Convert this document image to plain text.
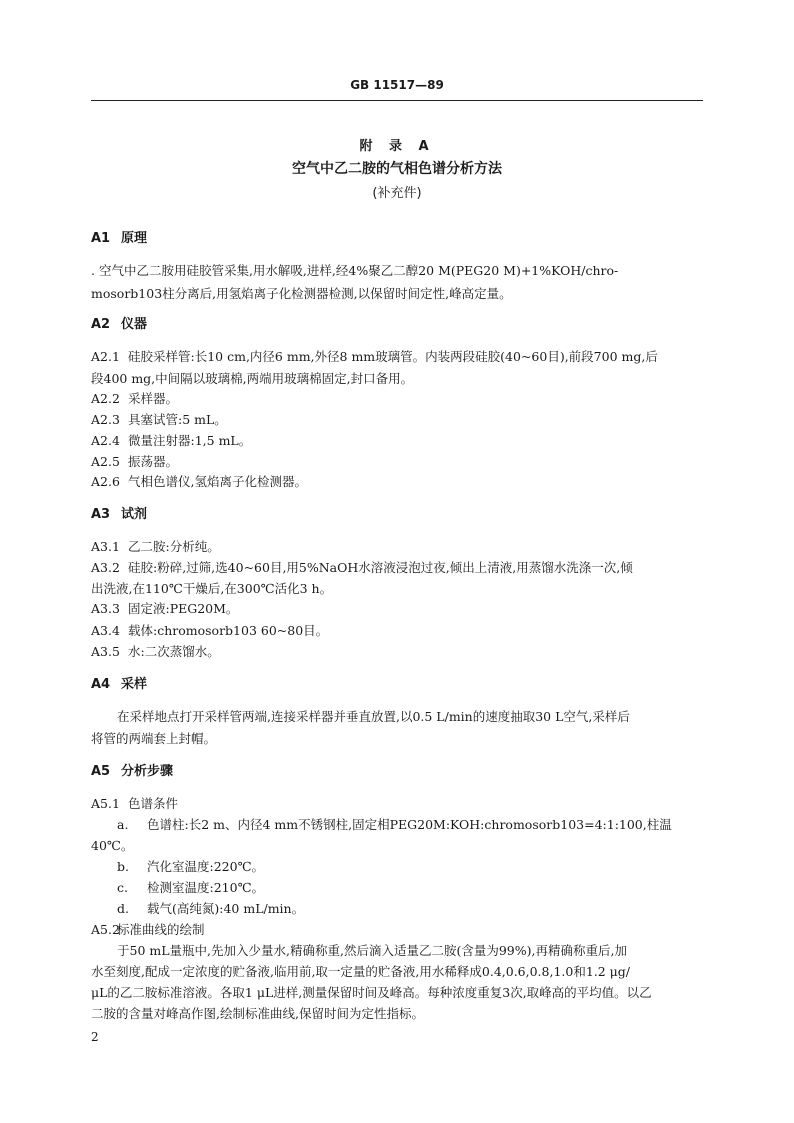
GB 11517—89
附 录 A
空气中乙二胺的气相色谱分析方法
(补充件)
A1 原理
. 空气中乙二胺用硅胶管采集,用水解吸,进样,经4%聚乙二醇20 M(PEG20 M)+1%KOH/chro-
mosorb103柱分离后,用氢焰离子化检测器检测,以保留时间定性,峰高定量。
A2 仪器
A2.1 硅胶采样管:长10 cm,内径6 mm,外径8 mm玻璃管。内装两段硅胶(40~60目),前段700 mg,后
段400 mg,中间隔以玻璃棉,两端用玻璃棉固定,封口备用。
A2.2 采样器。
A2.3 具塞试管:5 mL。
A2.4 微量注射器:1,5 mL。
A2.5 振荡器。
A2.6 气相色谱仪,氢焰离子化检测器。
A3 试剂
A3.1 乙二胺:分析纯。
A3.2 硅胶:粉碎,过筛,选40~60目,用5%NaOH水溶液浸泡过夜,倾出上清液,用蒸馏水洗涤一次,倾
出洗液,在110℃干燥后,在300℃活化3 h。
A3.3 固定液:PEG20M。
A3.4 载体:chromosorb103 60~80目。
A3.5 水:二次蒸馏水。
A4 采样
在采样地点打开采样管两端,连接采样器并垂直放置,以0.5 L/min的速度抽取30 L空气,采样后
将管的两端套上封帽。
A5 分析步骤
A5.1 色谱条件
a. 色谱柱:长2 m、内径4 mm不锈钢柱,固定相PEG20M:KOH:chromosorb103=4:1:100,柱温
40℃。
b. 汽化室温度:220℃。
c. 检测室温度:210℃。
d. 载气(高纯氮):40 mL/min。
A5.2标准曲线的绘制
于50 mL量瓶中,先加入少量水,精确称重,然后滴入适量乙二胺(含量为99%),再精确称重后,加
水至刻度,配成一定浓度的贮备液,临用前,取一定量的贮备液,用水稀释成0.4,0.6,0.8,1.0和1.2 μg/
μL的乙二胺标准溶液。各取1 μL进样,测量保留时间及峰高。每种浓度重复3次,取峰高的平均值。以乙
二胺的含量对峰高作图,绘制标准曲线,保留时间为定性指标。
2
